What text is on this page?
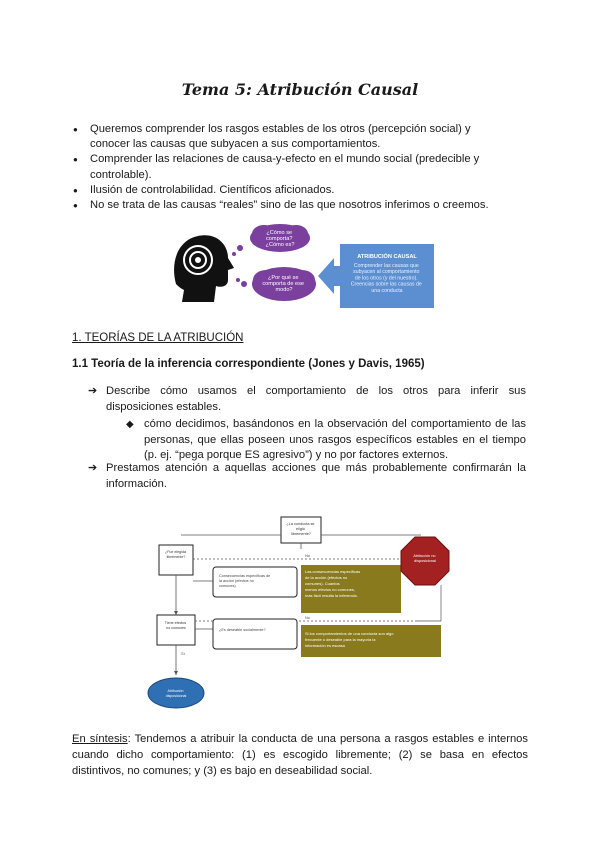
Tema 5: Atribución Causal
● Queremos comprender los rasgos estables de los otros (percepción social) y conocer las causas que subyacen a sus comportamientos.
● Comprender las relaciones de causa-y-efecto en el mundo social (predecible y controlable).
● Ilusión de controlabilidad. Científicos aficionados.
● No se trata de las causas “reales” sino de las que nosotros inferimos o creemos.
¿Cómo se comporta? ¿Cómo es?
¿Por qué se comporta de ese modo?
ATRIBUCIÓN CAUSAL
Comprender las causas que subyacen al comportamiento de los otros (y del nuestro). Creencias sobre las causas de una conducta
1. TEORÍAS DE LA ATRIBUCIÓN
1.1 Teoría de la inferencia correspondiente (Jones y Davis, 1965)
➔ Describe cómo usamos el comportamiento de los otros para inferir sus disposiciones estables.
◆ cómo decidimos, basándonos en la observación del comportamiento de las personas, que ellas poseen unos rasgos específicos estables en el tiempo (p. ej. “pega porque ES agresivo”) y no por factores externos.
➔ Prestamos atención a aquellas acciones que más probablemente confirmarán la información.
¿La conducta se eligió libremente?
¿Fue elegida libremente?	No
Consecuencias específicas de la acción (efectos no comunes)
Las consecuencias específicas de la acción (efectos no comunes). Cuantos menos efectos no comunes, más fácil resulta la inferencia.
Tiene efectos no comunes
No
Sí
¿Es deseable socialmente?
Si los comportamientos de una conducta son algo frecuente o deseable para la mayoría la información es escasa
Atribución no disposicional
Atribución disposicional
En síntesis: Tendemos a atribuir la conducta de una persona a rasgos estables e internos cuando dicho comportamiento: (1) es escogido libremente; (2) se basa en efectos distintivos, no comunes; y (3) es bajo en deseabilidad social.
